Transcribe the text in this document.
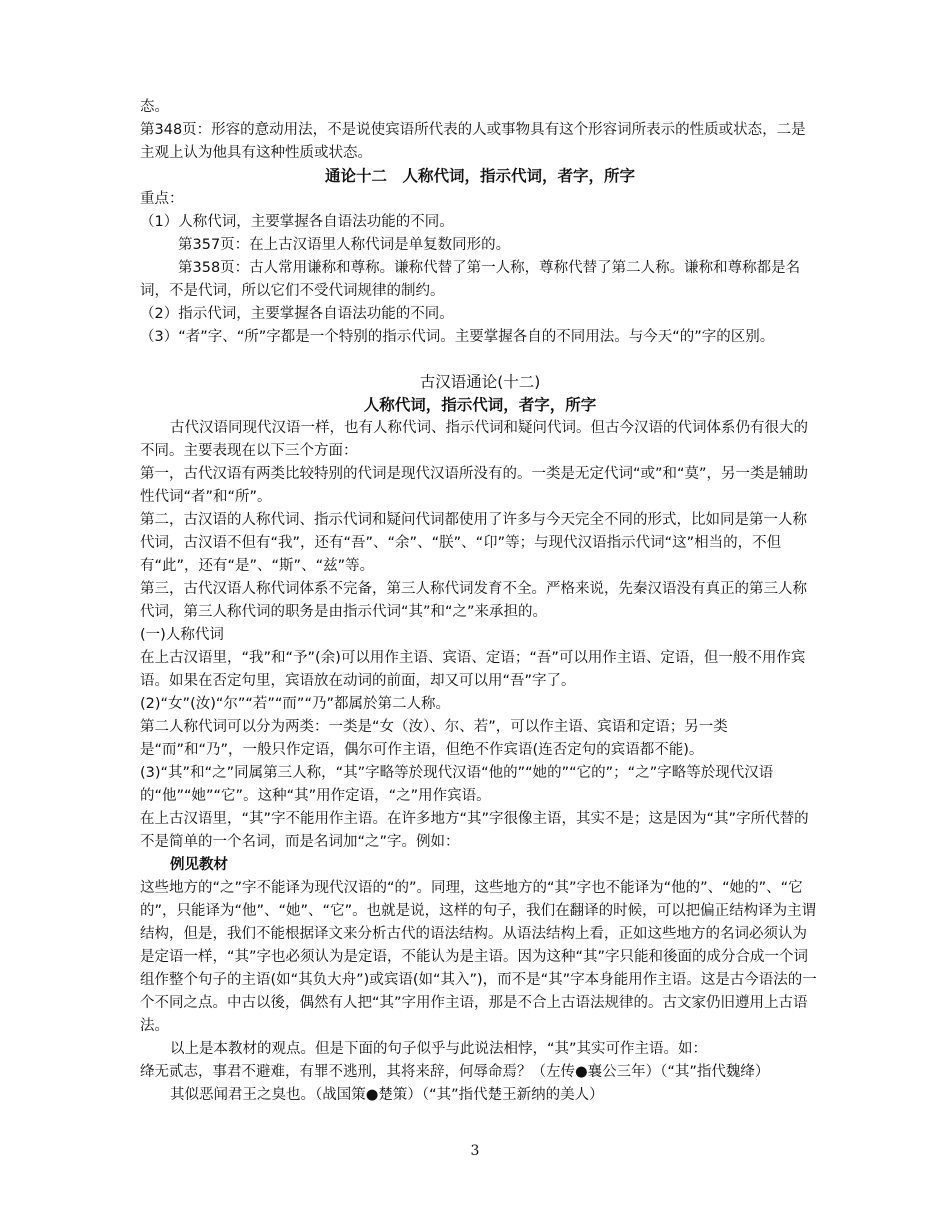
态。

第348页：形容的意动用法，不是说使宾语所代表的人或事物具有这个形容词所表示的性质或状态，二是主观上认为他具有这种性质或状态。

通论十二　人称代词，指示代词，者字，所字

重点：

（1）人称代词，主要掌握各自语法功能的不同。

第357页：在上古汉语里人称代词是单复数同形的。

第358页：古人常用谦称和尊称。谦称代替了第一人称，尊称代替了第二人称。谦称和尊称都是名词，不是代词，所以它们不受代词规律的制约。

（2）指示代词，主要掌握各自语法功能的不同。

（3）“者”字、“所”字都是一个特别的指示代词。主要掌握各自的不同用法。与今天“的”字的区别。

古汉语通论(十二)

人称代词，指示代词，者字，所字

古代汉语同现代汉语一样，也有人称代词、指示代词和疑问代词。但古今汉语的代词体系仍有很大的不同。主要表现在以下三个方面：

第一，古代汉语有两类比较特别的代词是现代汉语所没有的。一类是无定代词“或”和“莫”，另一类是辅助性代词“者”和“所”。

第二，古汉语的人称代词、指示代词和疑问代词都使用了许多与今天完全不同的形式，比如同是第一人称代词，古汉语不但有“我”，还有“吾”、“余”、“朕”、“卬”等；与现代汉语指示代词“这”相当的，不但有“此”，还有“是”、“斯”、“兹”等。

第三，古代汉语人称代词体系不完备，第三人称代词发育不全。严格来说，先秦汉语没有真正的第三人称代词，第三人称代词的职务是由指示代词“其”和“之”来承担的。

(一)人称代词

在上古汉语里，“我”和“予”(余)可以用作主语、宾语、定语；“吾”可以用作主语、定语，但一般不用作宾语。如果在否定句里，宾语放在动词的前面，却又可以用“吾”字了。

(2)“女”(汝)“尔”“若”“而”“乃”都属於第二人称。

第二人称代词可以分为两类：一类是“女（汝）、尔、若”，可以作主语、宾语和定语；另一类是“而”和“乃”，一般只作定语，偶尔可作主语，但绝不作宾语(连否定句的宾语都不能)。

(3)“其”和“之”同属第三人称，“其”字略等於现代汉语“他的”“她的”“它的”；“之”字略等於现代汉语的“他”“她”“它”。这种“其”用作定语，“之”用作宾语。

在上古汉语里，“其”字不能用作主语。在许多地方“其”字很像主语，其实不是；这是因为“其”字所代替的不是简单的一个名词，而是名词加“之”字。例如：

例见教材

这些地方的“之”字不能译为现代汉语的“的”。同理，这些地方的“其”字也不能译为“他的”、“她的”、“它的”，只能译为“他”、“她”、“它”。也就是说，这样的句子，我们在翻译的时候，可以把偏正结构译为主谓结构，但是，我们不能根据译文来分析古代的语法结构。从语法结构上看，正如这些地方的名词必须认为是定语一样，“其”字也必须认为是定语，不能认为是主语。因为这种“其”字只能和後面的成分合成一个词组作整个句子的主语(如“其负大舟”)或宾语(如“其入”)，而不是“其”字本身能用作主语。这是古今语法的一个不同之点。中古以後，偶然有人把“其”字用作主语，那是不合上古语法规律的。古文家仍旧遵用上古语法。

以上是本教材的观点。但是下面的句子似乎与此说法相悖，“其”其实可作主语。如：

绛无贰志，事君不避难，有罪不逃刑，其将来辞，何辱命焉？（左传●襄公三年）（“其”指代魏绛）

其似恶闻君王之臭也。（战国策●楚策）（“其”指代楚王新纳的美人）

3
